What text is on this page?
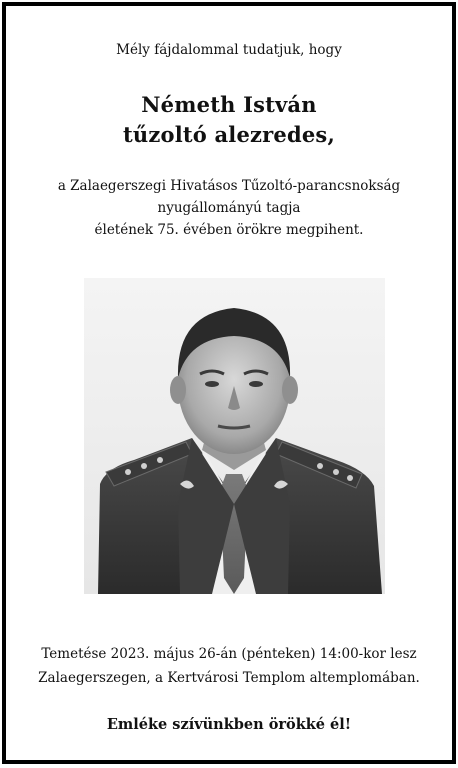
Mély fájdalommal tudatjuk, hogy
Németh István
tűzoltó alezredes,
a Zalaegerszegi Hivatásos Tűzoltó-parancsnokság
nyugállományú tagja
életének 75. évében örökre megpihent.
Temetése 2023. május 26-án (pénteken) 14:00-kor lesz
Zalaegerszegen, a Kertvárosi Templom altemplomában.
Emléke szívünkben örökké él!
